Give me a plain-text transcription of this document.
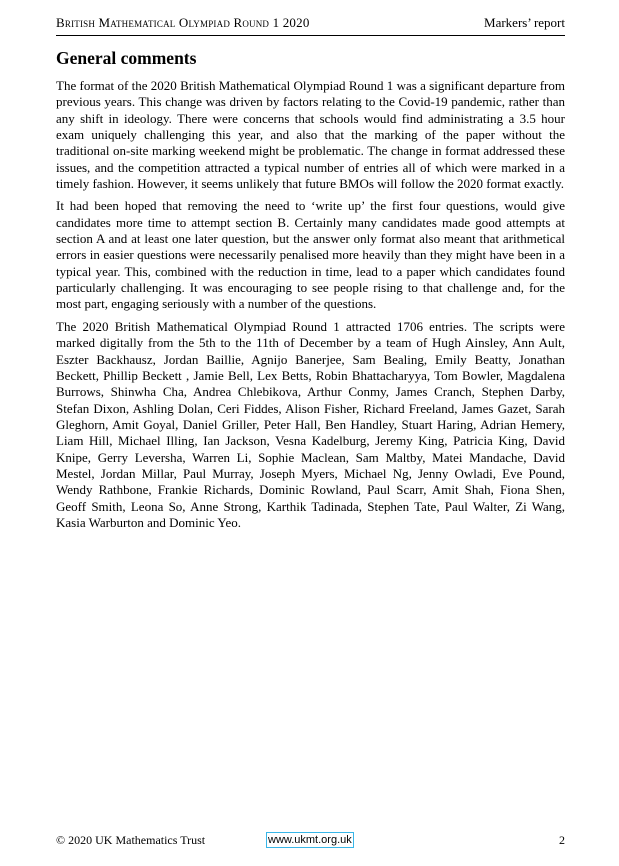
British Mathematical Olympiad Round 1 2020	Markers’ report
General comments

The format of the 2020 British Mathematical Olympiad Round 1 was a significant departure from previous years. This change was driven by factors relating to the Covid-19 pandemic, rather than any shift in ideology. There were concerns that schools would find administrating a 3.5 hour exam uniquely challenging this year, and also that the marking of the paper without the traditional on-site marking weekend might be problematic. The change in format addressed these issues, and the competition attracted a typical number of entries all of which were marked in a timely fashion. However, it seems unlikely that future BMOs will follow the 2020 format exactly.

It had been hoped that removing the need to ‘write up’ the first four questions, would give candidates more time to attempt section B. Certainly many candidates made good attempts at section A and at least one later question, but the answer only format also meant that arithmetical errors in easier questions were necessarily penalised more heavily than they might have been in a typical year. This, combined with the reduction in time, lead to a paper which candidates found particularly challenging. It was encouraging to see people rising to that challenge and, for the most part, engaging seriously with a number of the questions.

The 2020 British Mathematical Olympiad Round 1 attracted 1706 entries. The scripts were marked digitally from the 5th to the 11th of December by a team of Hugh Ainsley, Ann Ault, Eszter Backhausz, Jordan Baillie, Agnijo Banerjee, Sam Bealing, Emily Beatty, Jonathan Beckett, Phillip Beckett , Jamie Bell, Lex Betts, Robin Bhattacharyya, Tom Bowler, Magdalena Burrows, Shinwha Cha, Andrea Chlebikova, Arthur Conmy, James Cranch, Stephen Darby, Stefan Dixon, Ashling Dolan, Ceri Fiddes, Alison Fisher, Richard Freeland, James Gazet, Sarah Gleghorn, Amit Goyal, Daniel Griller, Peter Hall, Ben Handley, Stuart Haring, Adrian Hemery, Liam Hill, Michael Illing, Ian Jackson, Vesna Kadelburg, Jeremy King, Patricia King, David Knipe, Gerry Leversha, Warren Li, Sophie Maclean, Sam Maltby, Matei Mandache, David Mestel, Jordan Millar, Paul Murray, Joseph Myers, Michael Ng, Jenny Owladi, Eve Pound, Wendy Rathbone, Frankie Richards, Dominic Rowland, Paul Scarr, Amit Shah, Fiona Shen, Geoff Smith, Leona So, Anne Strong, Karthik Tadinada, Stephen Tate, Paul Walter, Zi Wang, Kasia Warburton and Dominic Yeo.

© 2020 UK Mathematics Trust	www.ukmt.org.uk	2
